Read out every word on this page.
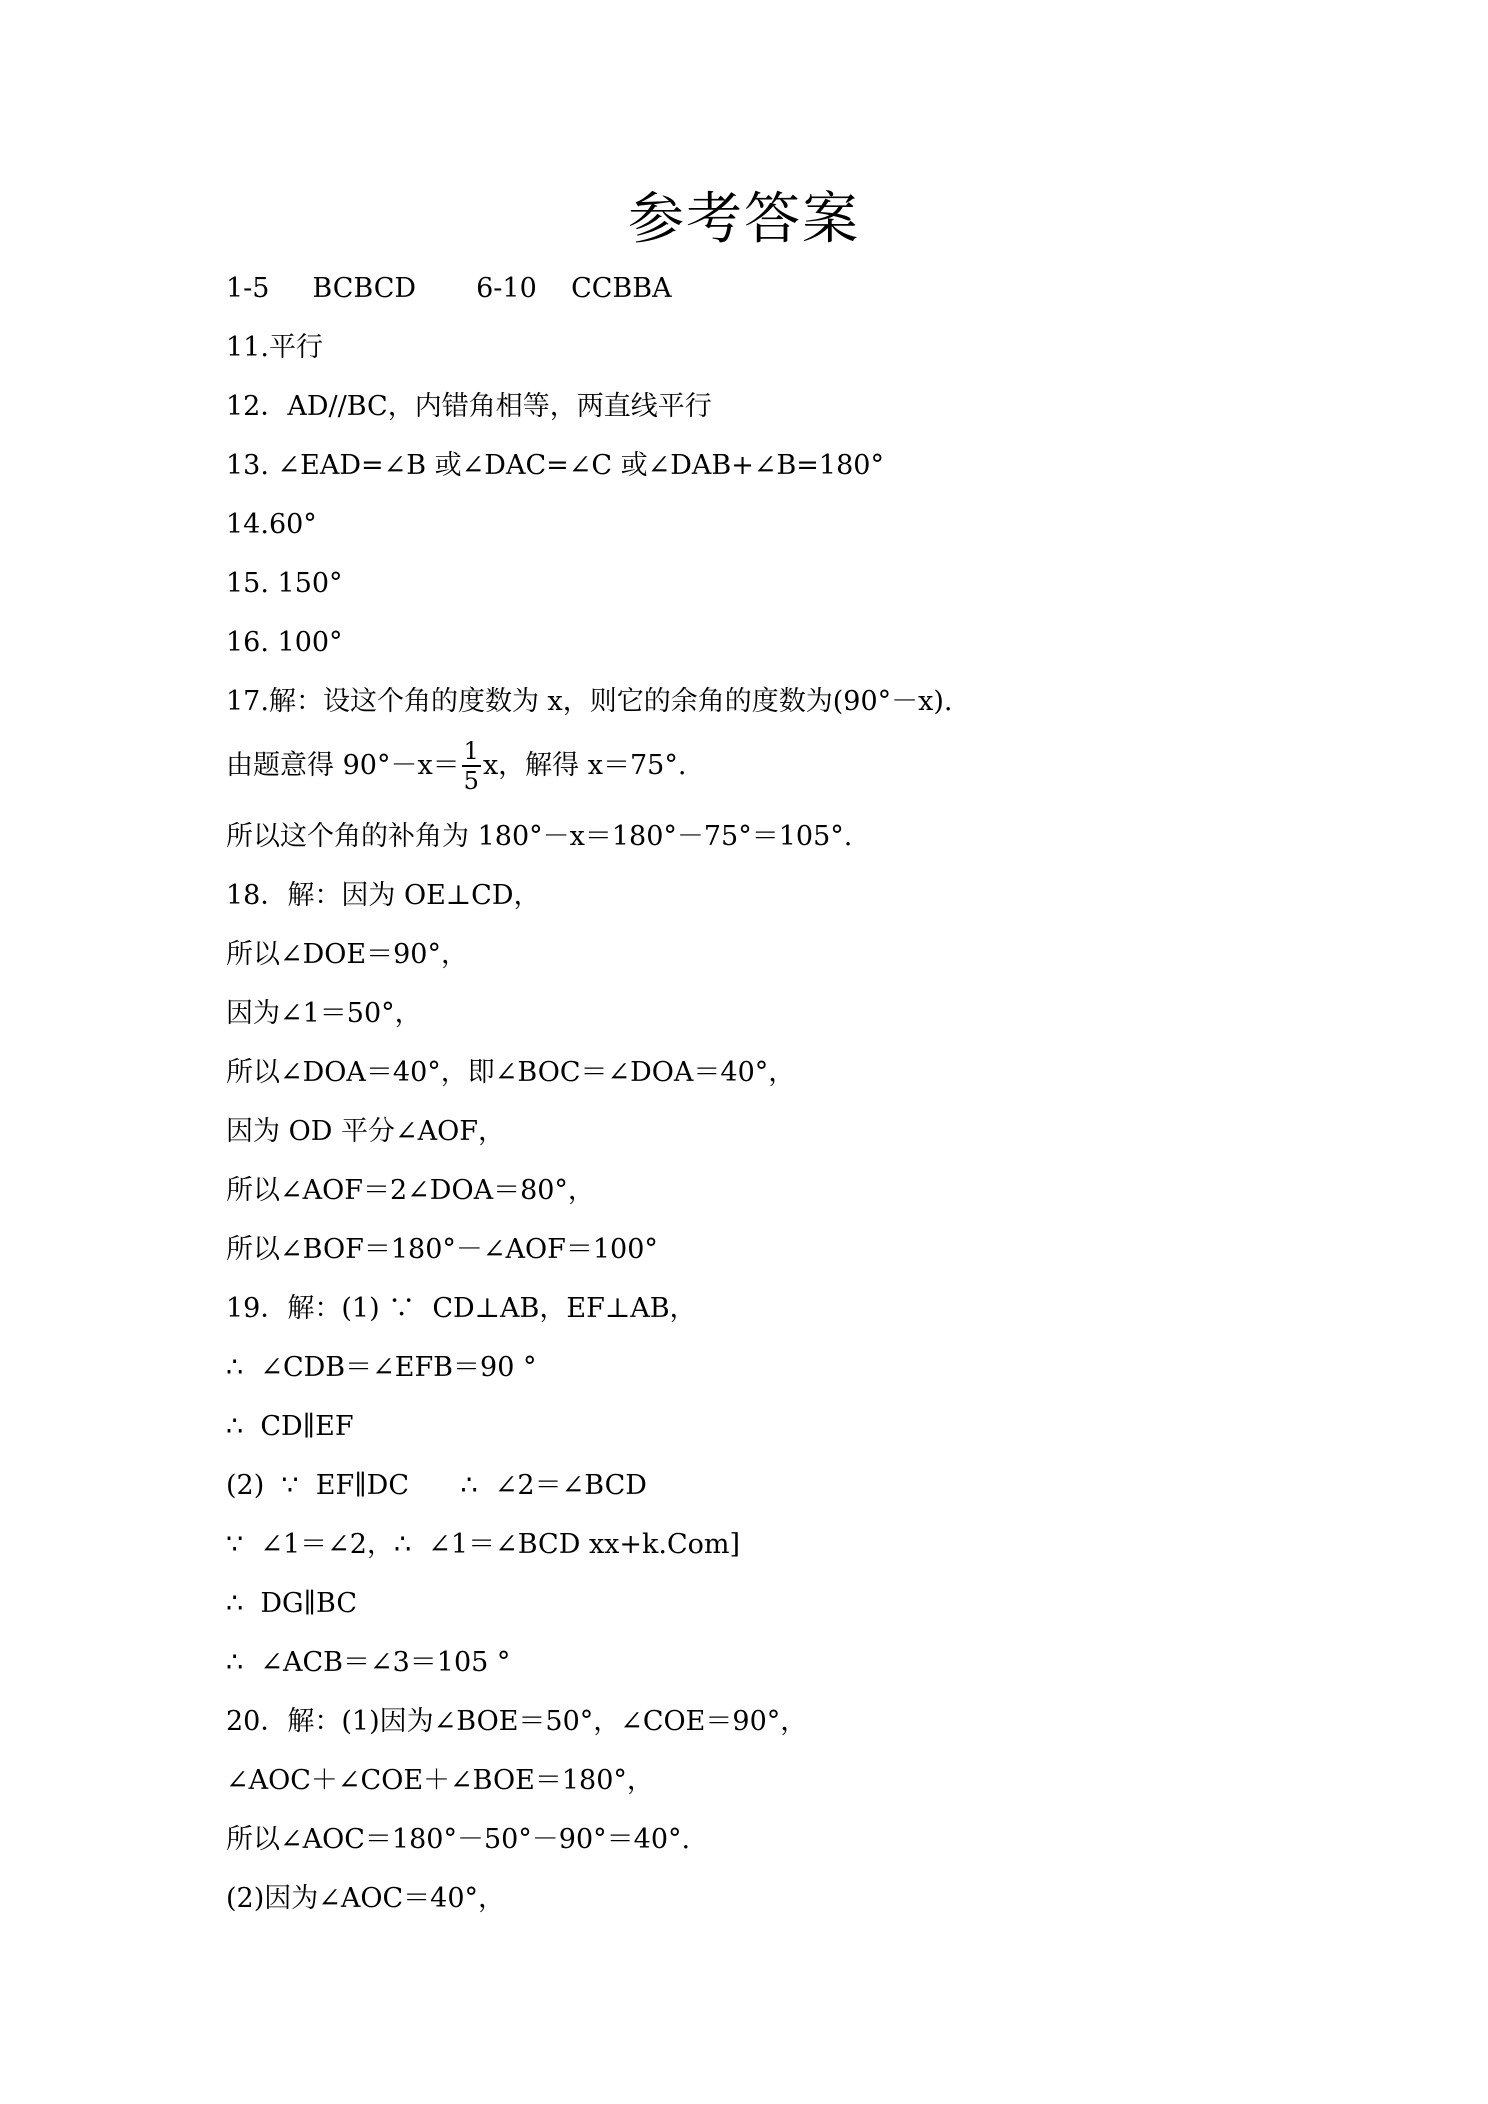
参考答案
1-5     BCBCD       6-10    CCBBA
11.平行
12．AD//BC，内错角相等，两直线平行
13. ∠EAD=∠B 或∠DAC=∠C 或∠DAB+∠B=180°
14.60°
15. 150°
16. 100°
17.解：设这个角的度数为 x，则它的余角的度数为(90°－x).
由题意得 $90^\circ-x= \frac{1}{5}$ x，解得 x＝75°.
所以这个角的补角为 180°－x＝180°－75°＝105°.
18．解：因为 OE⊥CD，
所以∠DOE＝90°，
因为∠1＝50°，
所以∠DOA＝40°，即∠BOC＝∠DOA＝40°，
因为 OD 平分∠AOF，
所以∠AOF＝2∠DOA＝80°，
所以∠BOF＝180°－∠AOF＝100°
19．解：(1) ∵  CD⊥AB，EF⊥AB，
∴  ∠CDB＝∠EFB＝90 °
∴  CD∥EF
(2)  ∵  EF∥DC      ∴  ∠2＝∠BCD
∵  ∠1＝∠2，∴  ∠1＝∠BCD xx+k.Com]
∴  DG∥BC
∴  ∠ACB＝∠3＝105 °
20．解：(1)因为∠BOE＝50°，∠COE＝90°，
∠AOC＋∠COE＋∠BOE＝180°，
所以∠AOC＝180°－50°－90°＝40°.
(2)因为∠AOC＝40°，
